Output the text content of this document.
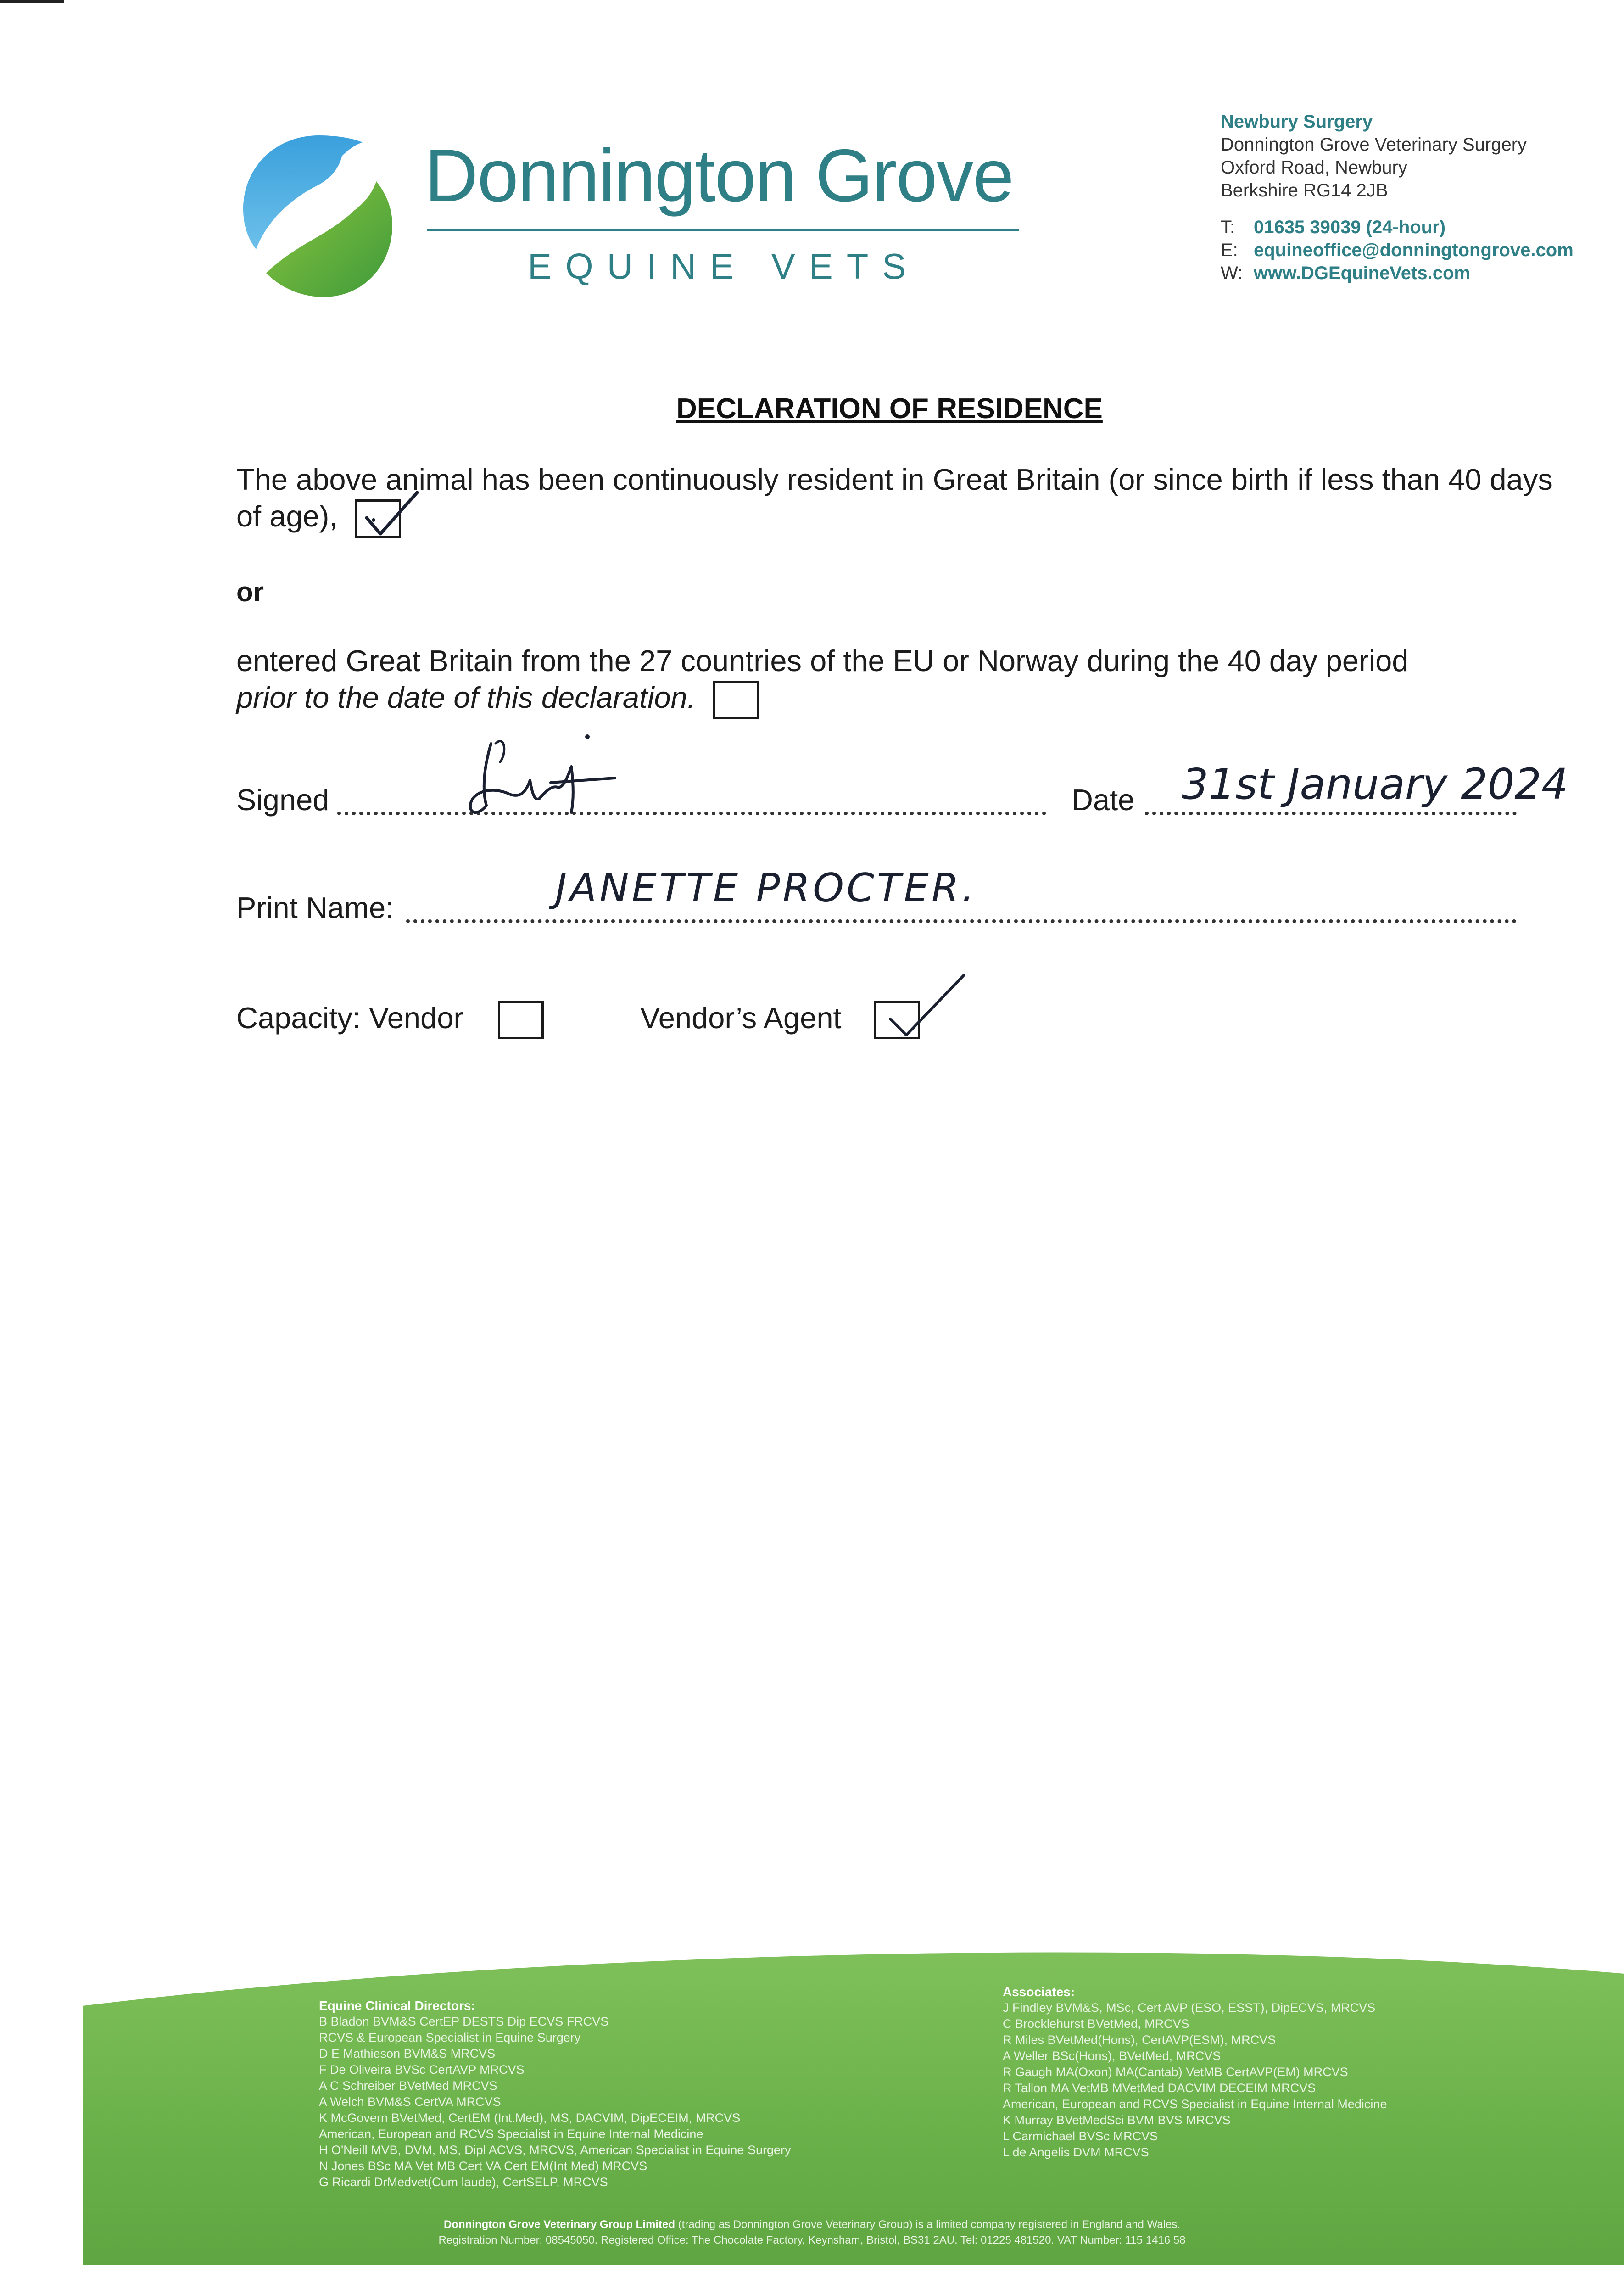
Donnington Grove
EQUINE VETS
Newbury Surgery
Donnington Grove Veterinary Surgery
Oxford Road, Newbury
Berkshire RG14 2JB
T:	01635 39039 (24-hour)
E: equineoffice@donningtongrove.com
W: www.DGEquineVets.com
DECLARATION OF RESIDENCE
The above animal has been continuously resident in Great Britain (or since birth if less than 40 days of age),
or
entered Great Britain from the 27 countries of the EU or Norway during the 40 day period
prior to the date of this declaration.
Signed	Date 31st January 2024
Print Name:	JANETTE PROCTER.
Capacity: Vendor	Vendor’s Agent
Equine Clinical Directors:
B Bladon BVM&S CertEP DESTS Dip ECVS FRCVS
RCVS & European Specialist in Equine Surgery
D E Mathieson BVM&S MRCVS
F De Oliveira BVSc CertAVP MRCVS
A C Schreiber BVetMed MRCVS
A Welch BVM&S CertVA MRCVS
K McGovern BVetMed, CertEM (Int.Med), MS, DACVIM, DipECEIM, MRCVS
American, European and RCVS Specialist in Equine Internal Medicine
H O'Neill MVB, DVM, MS, Dipl ACVS, MRCVS, American Specialist in Equine Surgery
N Jones BSc MA Vet MB Cert VA Cert EM(Int Med) MRCVS
G Ricardi DrMedvet(Cum laude), CertSELP, MRCVS
Associates:
J Findley BVM&S, MSc, Cert AVP (ESO, ESST), DipECVS, MRCVS
C Brocklehurst BVetMed, MRCVS
R Miles BVetMed(Hons), CertAVP(ESM), MRCVS
A Weller BSc(Hons), BVetMed, MRCVS
R Gaugh MA(Oxon) MA(Cantab) VetMB CertAVP(EM) MRCVS
R Tallon MA VetMB MVetMed DACVIM DECEIM MRCVS
American, European and RCVS Specialist in Equine Internal Medicine
K Murray BVetMedSci BVM BVS MRCVS
L Carmichael BVSc MRCVS
L de Angelis DVM MRCVS
Donnington Grove Veterinary Group Limited (trading as Donnington Grove Veterinary Group) is a limited company registered in England and Wales.
Registration Number: 08545050. Registered Office: The Chocolate Factory, Keynsham, Bristol, BS31 2AU. Tel: 01225 481520. VAT Number: 115 1416 58
